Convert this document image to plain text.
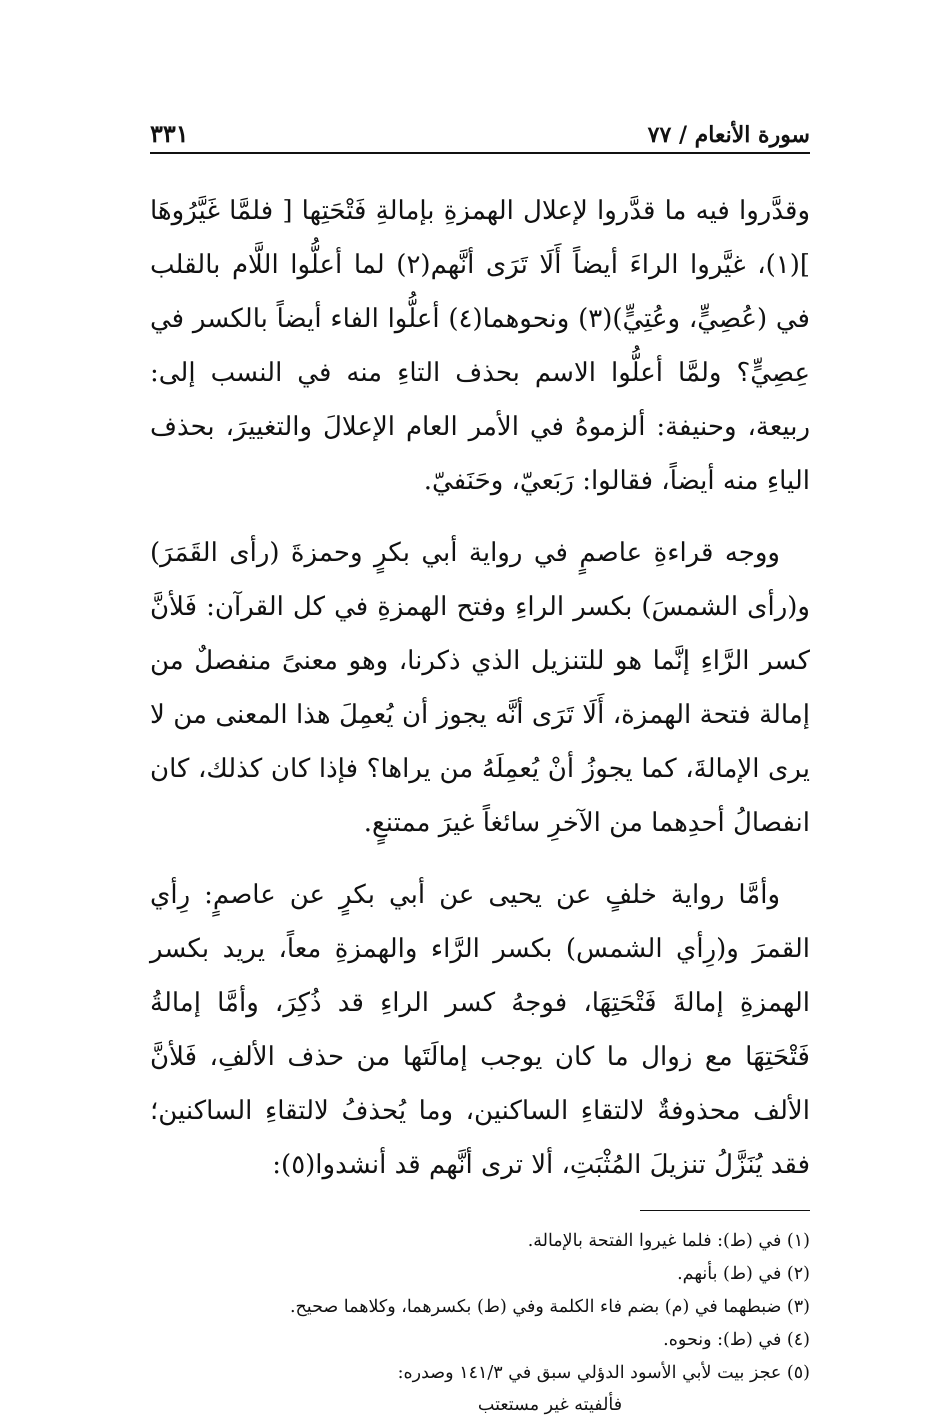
سورة الأنعام / ٧٧
٣٣١

وقدَّروا فيه ما قدَّروا لإعلال الهمزةِ بإمالةِ فَتْحَتِها [ فلمَّا غَيَّرُوهَا ](١)، غيَّروا الراءَ أيضاً أَلَا تَرَى أنَّهم(٢) لما أعلُّوا اللَّام بالقلب في (عُصِيٍّ، وعُتِيٍّ)(٣) ونحوهما(٤) أعلُّوا الفاء أيضاً بالكسر في عِصِيٍّ؟ ولمَّا أعلُّوا الاسم بحذف التاءِ منه في النسب إلى: ربيعة، وحنيفة: ألزموهُ في الأمر العام الإعلالَ والتغييرَ، بحذف الياءِ منه أيضاً، فقالوا: رَبَعيّ، وحَنَفيّ.

ووجه قراءةِ عاصمٍ في رواية أبي بكرٍ وحمزةَ (رأى القَمَرَ) و(رأى الشمسَ) بكسر الراءِ وفتح الهمزةِ في كل القرآن: فَلأنَّ كسر الرَّاءِ إنَّما هو للتنزيل الذي ذكرنا، وهو معنىً منفصلٌ من إمالة فتحة الهمزة، أَلَا تَرَى أنَّه يجوز أن يُعمِلَ هذا المعنى من لا يرى الإمالةَ، كما يجوزُ أنْ يُعمِلَهُ من يراها؟ فإذا كان كذلك، كان انفصالُ أحدِهما من الآخرِ سائغاً غيرَ ممتنعٍ.

وأمَّا رواية خلفٍ عن يحيى عن أبي بكرٍ عن عاصمٍ: رِأي القمرَ و(رِأي الشمس) بكسر الرَّاء والهمزةِ معاً، يريد بكسر الهمزةِ إمالةَ فَتْحَتِهَا، فوجهُ كسر الراءِ قد ذُكِرَ، وأمَّا إمالةُ فَتْحَتِهَا مع زوال ما كان يوجب إمالَتَها من حذف الألفِ، فَلأنَّ الألف محذوفةٌ لالتقاءِ الساكنين، وما يُحذفُ لالتقاءِ الساكنين؛ فقد يُنَزَّلُ تنزيلَ المُثْبَتِ، ألا ترى أنَّهم قد أنشدوا(٥):

(١) في (ط): فلما غيروا الفتحة بالإمالة.

(٢) في (ط) بأنهم.

(٣) ضبطهما في (م) بضم فاء الكلمة وفي (ط) بكسرهما، وكلاهما صحيح.

(٤) في (ط): ونحوه.

(٥) عجز بيت لأبي الأسود الدؤلي سبق في ١٤١/٣ وصدره:

فألفيته غير مستعتب
